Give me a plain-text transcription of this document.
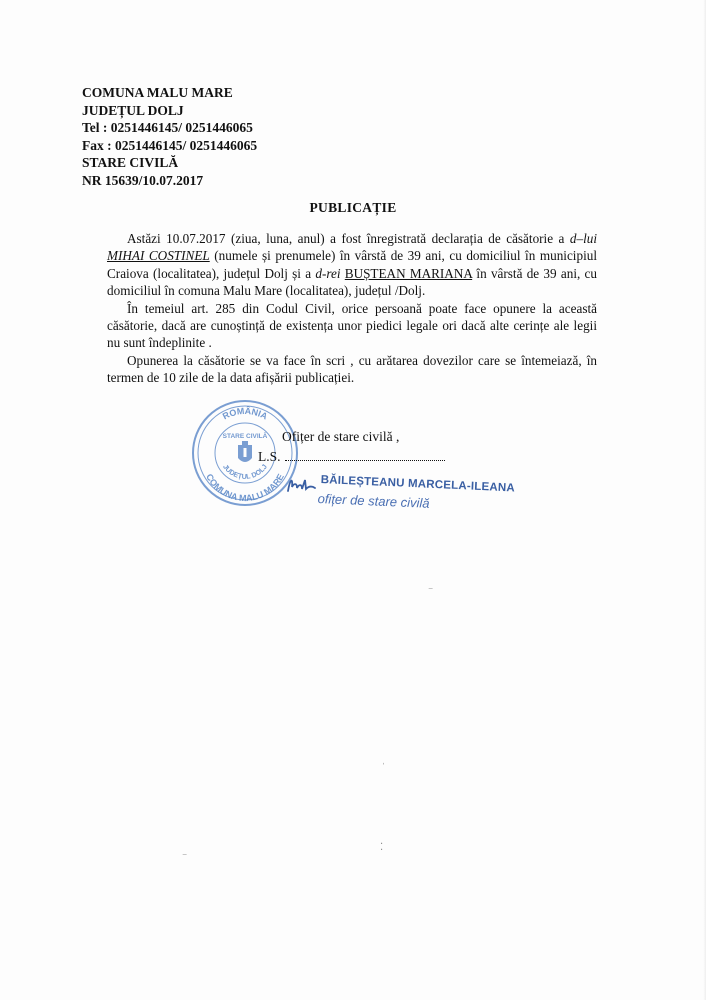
COMUNA MALU MARE
JUDEȚUL DOLJ
Tel : 0251446145/ 0251446065
Fax : 0251446145/ 0251446065
STARE CIVILĂ
NR 15639/10.07.2017
PUBLICAȚIE

Astăzi 10.07.2017 (ziua, luna, anul) a fost înregistrată declarația de căsătorie a d–lui MIHAI COSTINEL (numele și prenumele) în vârstă de 39 ani, cu domiciliul în municipiul Craiova (localitatea), județul Dolj și a d-rei BUȘTEAN MARIANA în vârstă de 39 ani, cu domiciliul în comuna Malu Mare (localitatea), județul /Dolj.

În temeiul art. 285 din Codul Civil, orice persoană poate face opunere la această căsătorie, dacă are cunoștință de existența unor piedici legale ori dacă alte cerințe ale legii nu sunt îndeplinite .

Opunerea la căsătorie se va face în scri , cu arătarea dovezilor care se întemeiază, în termen de 10 zile de la data afișării publicației.

ROMÂNIA
COMUNA MALU MARE
JUDEȚUL DOLJ
STARE CIVILĂ Ofițer de stare civilă ,
L.S.
BĂILEȘTEANU MARCELA-ILEANA
ofițer de stare civilă
⁻
ˈ
⁚
⁻
